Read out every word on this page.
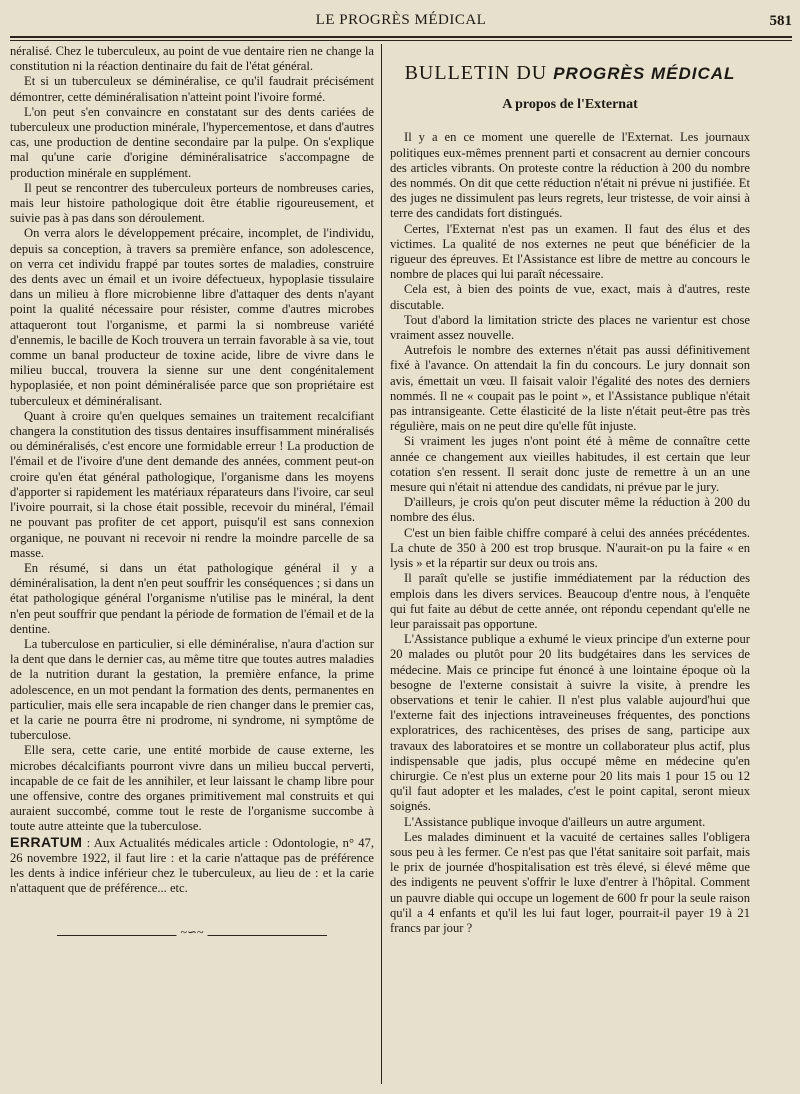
LE PROGRÈS MÉDICAL	581

néralisé. Chez le tuberculeux, au point de vue dentaire rien ne change la constitution ni la réaction dentinaire du fait de l'état général.

Et si un tuberculeux se déminéralise, ce qu'il faudrait précisément démontrer, cette déminéralisation n'atteint point l'ivoire formé.

L'on peut s'en convaincre en constatant sur des dents cariées de tuberculeux une production minérale, l'hypercementose, et dans d'autres cas, une production de dentine secondaire par la pulpe. On s'explique mal qu'une carie d'origine déminéralisatrice s'accompagne de production minérale en supplément.

Il peut se rencontrer des tuberculeux porteurs de nombreuses caries, mais leur histoire pathologique doit être établie rigoureusement, et suivie pas à pas dans son déroulement.

On verra alors le développement précaire, incomplet, de l'individu, depuis sa conception, à travers sa première enfance, son adolescence, on verra cet individu frappé par toutes sortes de maladies, construire des dents avec un émail et un ivoire défectueux, hypoplasie tissulaire dans un milieu à flore microbienne libre d'attaquer des dents n'ayant point la qualité nécessaire pour résister, comme d'autres microbes attaqueront tout l'organisme, et parmi la si nombreuse variété d'ennemis, le bacille de Koch trouvera un terrain favorable à sa vie, tout comme un banal producteur de toxine acide, libre de vivre dans le milieu buccal, trouvera la sienne sur une dent congénitalement hypoplasiée, et non point déminéralisée parce que son propriétaire est tuberculeux et déminéralisant.

Quant à croire qu'en quelques semaines un traitement recalcifiant changera la constitution des tissus dentaires insuffisamment minéralisés ou déminéralisés, c'est encore une formidable erreur ! La production de l'émail et de l'ivoire d'une dent demande des années, comment peut-on croire qu'en état général pathologique, l'organisme dans les moyens d'apporter si rapidement les matériaux réparateurs dans l'ivoire, car seul l'ivoire pourrait, si la chose était possible, recevoir du minéral, l'émail ne pouvant pas profiter de cet apport, puisqu'il est sans connexion organique, ne pouvant ni recevoir ni rendre la moindre parcelle de sa masse.

En résumé, si dans un état pathologique général il y a déminéralisation, la dent n'en peut souffrir les conséquences ; si dans un état pathologique général l'organisme n'utilise pas le minéral, la dent n'en peut souffrir que pendant la période de formation de l'émail et de la dentine.

La tuberculose en particulier, si elle déminéralise, n'aura d'action sur la dent que dans le dernier cas, au même titre que toutes autres maladies de la nutrition durant la gestation, la première enfance, la prime adolescence, en un mot pendant la formation des dents, permanentes en particulier, mais elle sera incapable de rien changer dans le premier cas, et la carie ne pourra être ni prodrome, ni syndrome, ni symptôme de tuberculose.

Elle sera, cette carie, une entité morbide de cause externe, les microbes décalcifiants pourront vivre dans un milieu buccal perverti, incapable de ce fait de les annihiler, et leur laissant le champ libre pour une offensive, contre des organes primitivement mal construits et qui auraient succombé, comme tout le reste de l'organisme succombe à toute autre atteinte que la tuberculose.

ERRATUM : Aux Actualités médicales article : Odontologie, n° 47, 26 novembre 1922, il faut lire : et la carie n'attaque pas de préférence les dents à indice inférieur chez le tuberculeux, au lieu de : et la carie n'attaquent que de préférence... etc.

~∽~
BULLETIN DU PROGRÈS MÉDICAL
A propos de l'Externat

Il y a en ce moment une querelle de l'Externat. Les journaux politiques eux-mêmes prennent parti et consacrent au dernier concours des articles vibrants. On proteste contre la réduction à 200 du nombre des nommés. On dit que cette réduction n'était ni prévue ni justifiée. Et des juges ne dissimulent pas leurs regrets, leur tristesse, de voir ainsi à terre des candidats fort distingués.

Certes, l'Externat n'est pas un examen. Il faut des élus et des victimes. La qualité de nos externes ne peut que bénéficier de la rigueur des épreuves. Et l'Assistance est libre de mettre au concours le nombre de places qui lui paraît nécessaire.

Cela est, à bien des points de vue, exact, mais à d'autres, reste discutable.

Tout d'abord la limitation stricte des places ne varientur est chose vraiment assez nouvelle.

Autrefois le nombre des externes n'était pas aussi définitivement fixé à l'avance. On attendait la fin du concours. Le jury donnait son avis, émettait un vœu. Il faisait valoir l'égalité des notes des derniers nommés. Il ne « coupait pas le point », et l'Assistance publique n'était pas intransigeante. Cette élasticité de la liste n'était peut-être pas très régulière, mais on ne peut dire qu'elle fût injuste.

Si vraiment les juges n'ont point été à même de connaître cette année ce changement aux vieilles habitudes, il est certain que leur cotation s'en ressent. Il serait donc juste de remettre à un an une mesure qui n'était ni attendue des candidats, ni prévue par le jury.

D'ailleurs, je crois qu'on peut discuter même la réduction à 200 du nombre des élus.

C'est un bien faible chiffre comparé à celui des années précédentes. La chute de 350 à 200 est trop brusque. N'aurait-on pu la faire « en lysis » et la répartir sur deux ou trois ans.

Il paraît qu'elle se justifie immédiatement par la réduction des emplois dans les divers services. Beaucoup d'entre nous, à l'enquête qui fut faite au début de cette année, ont répondu cependant qu'elle ne leur paraissait pas opportune.

L'Assistance publique a exhumé le vieux principe d'un externe pour 20 malades ou plutôt pour 20 lits budgétaires dans les services de médecine. Mais ce principe fut énoncé à une lointaine époque où la besogne de l'externe consistait à suivre la visite, à prendre les observations et tenir le cahier. Il n'est plus valable aujourd'hui que l'externe fait des injections intraveineuses fréquentes, des ponctions exploratrices, des rachicentèses, des prises de sang, participe aux travaux des laboratoires et se montre un collaborateur plus actif, plus indispensable que jadis, plus occupé même en médecine qu'en chirurgie. Ce n'est plus un externe pour 20 lits mais 1 pour 15 ou 12 qu'il faut adopter et les malades, c'est le point capital, seront mieux soignés.

L'Assistance publique invoque d'ailleurs un autre argument.

Les malades diminuent et la vacuité de certaines salles l'obligera sous peu à les fermer. Ce n'est pas que l'état sanitaire soit parfait, mais le prix de journée d'hospitalisation est très élevé, si élevé même que des indigents ne peuvent s'offrir le luxe d'entrer à l'hôpital. Comment un pauvre diable qui occupe un logement de 600 fr pour la seule raison qu'il a 4 enfants et qu'il les lui faut loger, pourrait-il payer 19 à 21 francs par jour ?
